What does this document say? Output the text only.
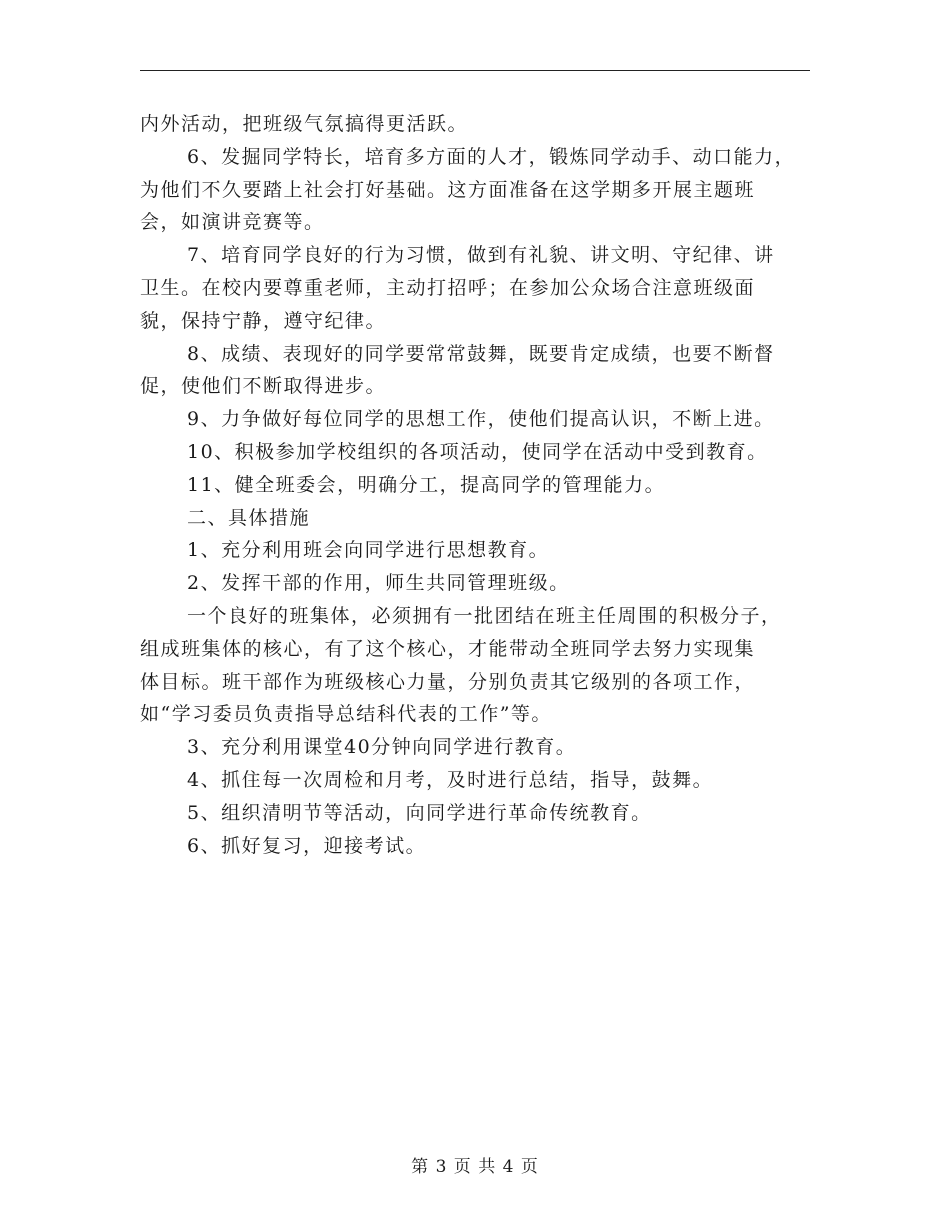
内外活动，把班级气氛搞得更活跃。
6、发掘同学特长，培育多方面的人才，锻炼同学动手、动口能力，
为他们不久要踏上社会打好基础。这方面准备在这学期多开展主题班
会，如演讲竞赛等。
7、培育同学良好的行为习惯，做到有礼貌、讲文明、守纪律、讲
卫生。在校内要尊重老师，主动打招呼；在参加公众场合注意班级面
貌，保持宁静，遵守纪律。
8、成绩、表现好的同学要常常鼓舞，既要肯定成绩，也要不断督
促，使他们不断取得进步。
9、力争做好每位同学的思想工作，使他们提高认识，不断上进。
10、积极参加学校组织的各项活动，使同学在活动中受到教育。
11、健全班委会，明确分工，提高同学的管理能力。
二、具体措施
1、充分利用班会向同学进行思想教育。
2、发挥干部的作用，师生共同管理班级。
一个良好的班集体，必须拥有一批团结在班主任周围的积极分子，
组成班集体的核心，有了这个核心，才能带动全班同学去努力实现集
体目标。班干部作为班级核心力量，分别负责其它级别的各项工作，
如“学习委员负责指导总结科代表的工作”等。
3、充分利用课堂40分钟向同学进行教育。
4、抓住每一次周检和月考，及时进行总结，指导，鼓舞。
5、组织清明节等活动，向同学进行革命传统教育。
6、抓好复习，迎接考试。
第 3 页 共 4 页
